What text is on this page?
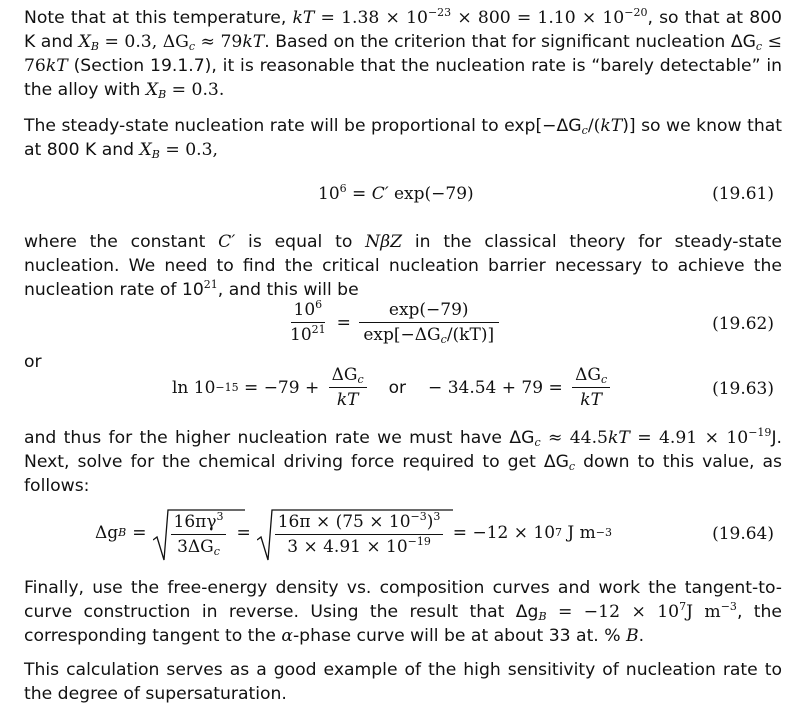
Note that at this temperature, kT = $1.38 \times 10^{-23} \times 800 = 1.10 \times 10^{-20}$, so that at 800 K and $X_B = 0.3$, $\Delta G_c \approx 79kT$. Based on the criterion that for significant nucleation $\Delta G_c \le 76kT$ (Section 19.1.7), it is reasonable that the nucleation rate is “barely detectable” in the alloy with $X_B = 0.3$.
The steady-state nucleation rate will be proportional to $\exp[-\Delta G_c/(kT)]$ so we know that at 800 K and $X_B = 0.3$,
$10^6 = C'$ exp(−79)	(19.61)
where the constant C′ is equal to NβZ in the classical theory for steady-state nucleation. We need to find the critical nucleation barrier necessary to achieve the nucleation rate of $10^{21}$, and this will be
$\frac{10^6}{10^{21}} = \frac{\exp(-79)}{\exp[-\Delta G_c/(kT)]}$	(19.62)
or
$\ln 10 -15 = -79 + \frac{\Delta G_c}{kT}$ or − $34.54 + 79 = \frac{\Delta G_c}{kT}$	(19.63)
and thus for the higher nucleation rate we must have $\Delta G_c \approx 44.5kT = 4.91 \times 10^{-19}J$. Next, solve for the chemical driving force required to get $\Delta G_c$ down to this value, as follows:
Δg $B = \frac{16\pi\gamma^3}{3\Delta G_c} = \frac{16\pi \times (75 \times 10^{-3})^3}{3 \times 4.91 \times 10^{-19}} = -12 \times 10$ 7 J m −3	(19.64)
Finally, use the free-energy density vs. composition curves and work the tangent-to-curve construction in reverse. Using the result that $\Delta g_B = -12 \times 10^7J$ $m^{-3}$, the corresponding tangent to the α-phase curve will be at about 33 at. % B.
This calculation serves as a good example of the high sensitivity of nucleation rate to the degree of supersaturation.
